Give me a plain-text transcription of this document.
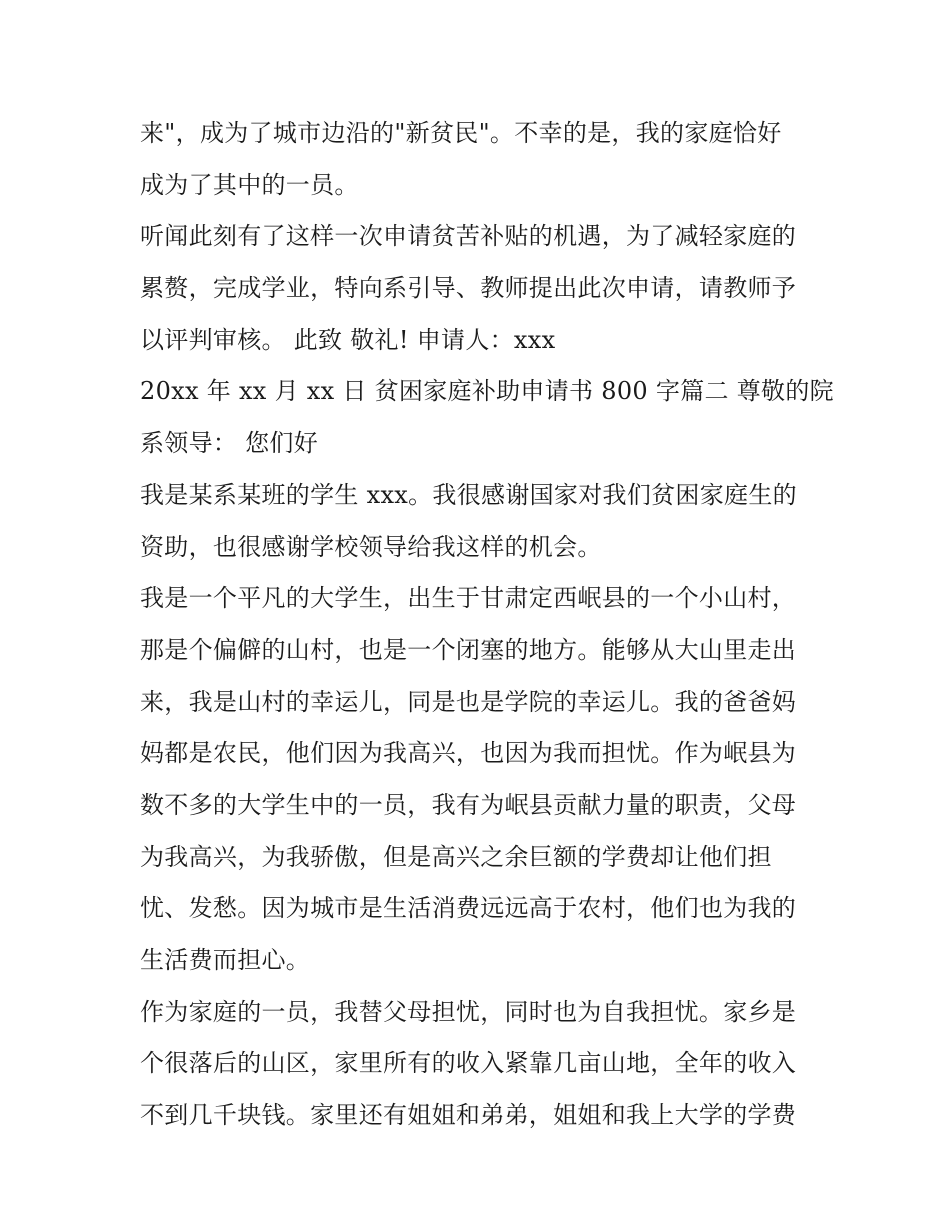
来"，成为了城市边沿的"新贫民"。不幸的是，我的家庭恰好
成为了其中的一员。
听闻此刻有了这样一次申请贫苦补贴的机遇，为了减轻家庭的
累赘，完成学业，特向系引导、教师提出此次申请，请教师予
以评判审核。 此致 敬礼! 申请人：xxx
20xx 年 xx 月 xx 日 贫困家庭补助申请书 800 字篇二 尊敬的院
系领导： 您们好
我是某系某班的学生 xxx。我很感谢国家对我们贫困家庭生的
资助，也很感谢学校领导给我这样的机会。
我是一个平凡的大学生，出生于甘肃定西岷县的一个小山村，
那是个偏僻的山村，也是一个闭塞的地方。能够从大山里走出
来，我是山村的幸运儿，同是也是学院的幸运儿。我的爸爸妈
妈都是农民，他们因为我高兴，也因为我而担忧。作为岷县为
数不多的大学生中的一员，我有为岷县贡献力量的职责，父母
为我高兴，为我骄傲，但是高兴之余巨额的学费却让他们担
忧、发愁。因为城市是生活消费远远高于农村，他们也为我的
生活费而担心。
作为家庭的一员，我替父母担忧，同时也为自我担忧。家乡是
个很落后的山区，家里所有的收入紧靠几亩山地，全年的收入
不到几千块钱。家里还有姐姐和弟弟，姐姐和我上大学的学费
